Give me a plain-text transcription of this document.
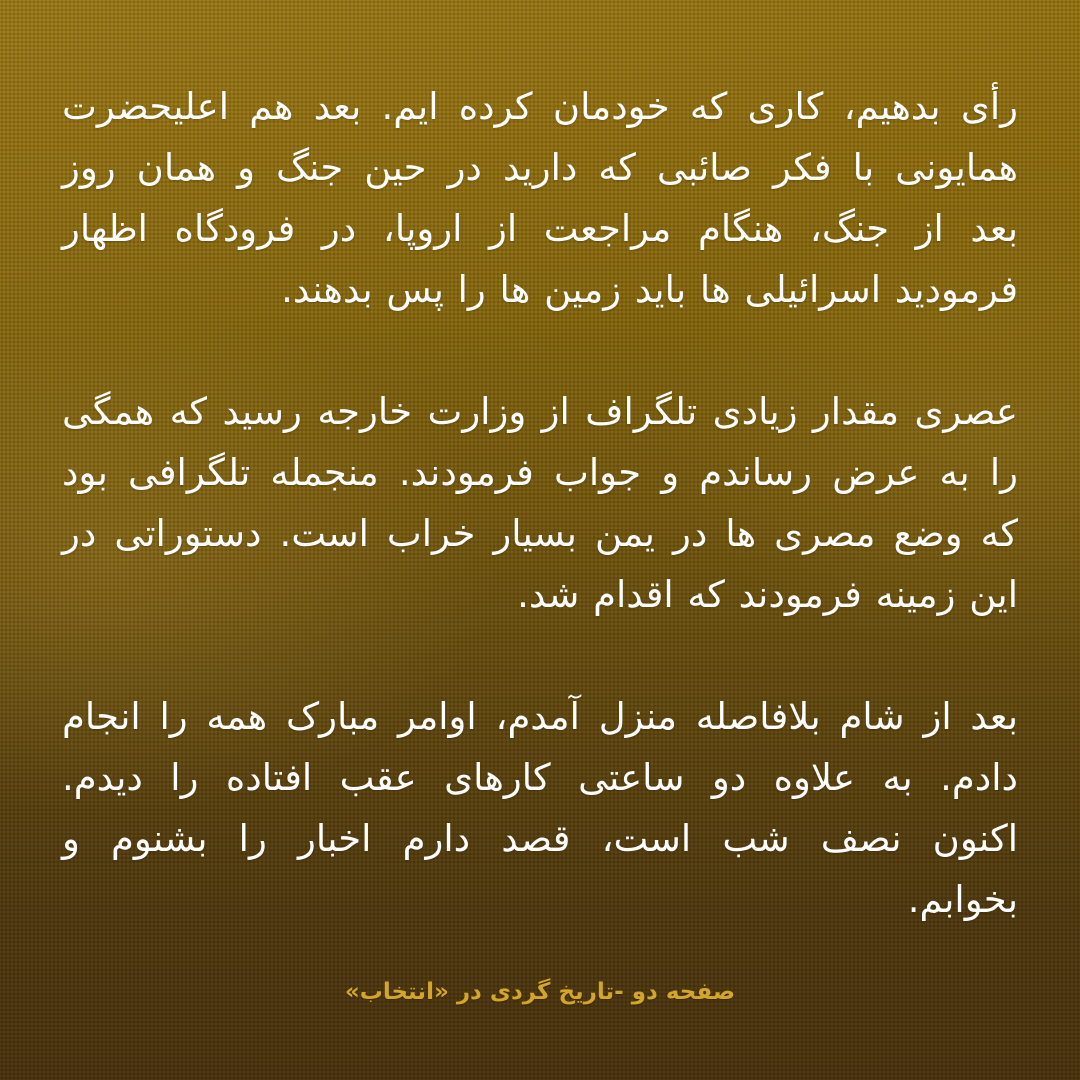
رأی بدهیم، کاری که خودمان کرده ایم. بعد هم اعلیحضرت
همایونی با فکر صائبی که دارید در حین جنگ و همان روز
بعد از جنگ، هنگام مراجعت از اروپا، در فرودگاه اظهار
فرمودید اسرائیلی ها باید زمین ها را پس بدهند.
عصری مقدار زیادی تلگراف از وزارت خارجه رسید که همگی
را به عرض رساندم و جواب فرمودند. منجمله تلگرافی بود
که وضع مصری ها در یمن بسیار خراب است. دستوراتی در
این زمینه فرمودند که اقدام شد.
بعد از شام بلافاصله منزل آمدم، اوامر مبارک همه را انجام
دادم. به علاوه دو ساعتی کارهای عقب افتاده را دیدم.
اکنون نصف شب است، قصد دارم اخبار را بشنوم و
بخوابم.
صفحه دو -تاریخ گردی در «انتخاب»
